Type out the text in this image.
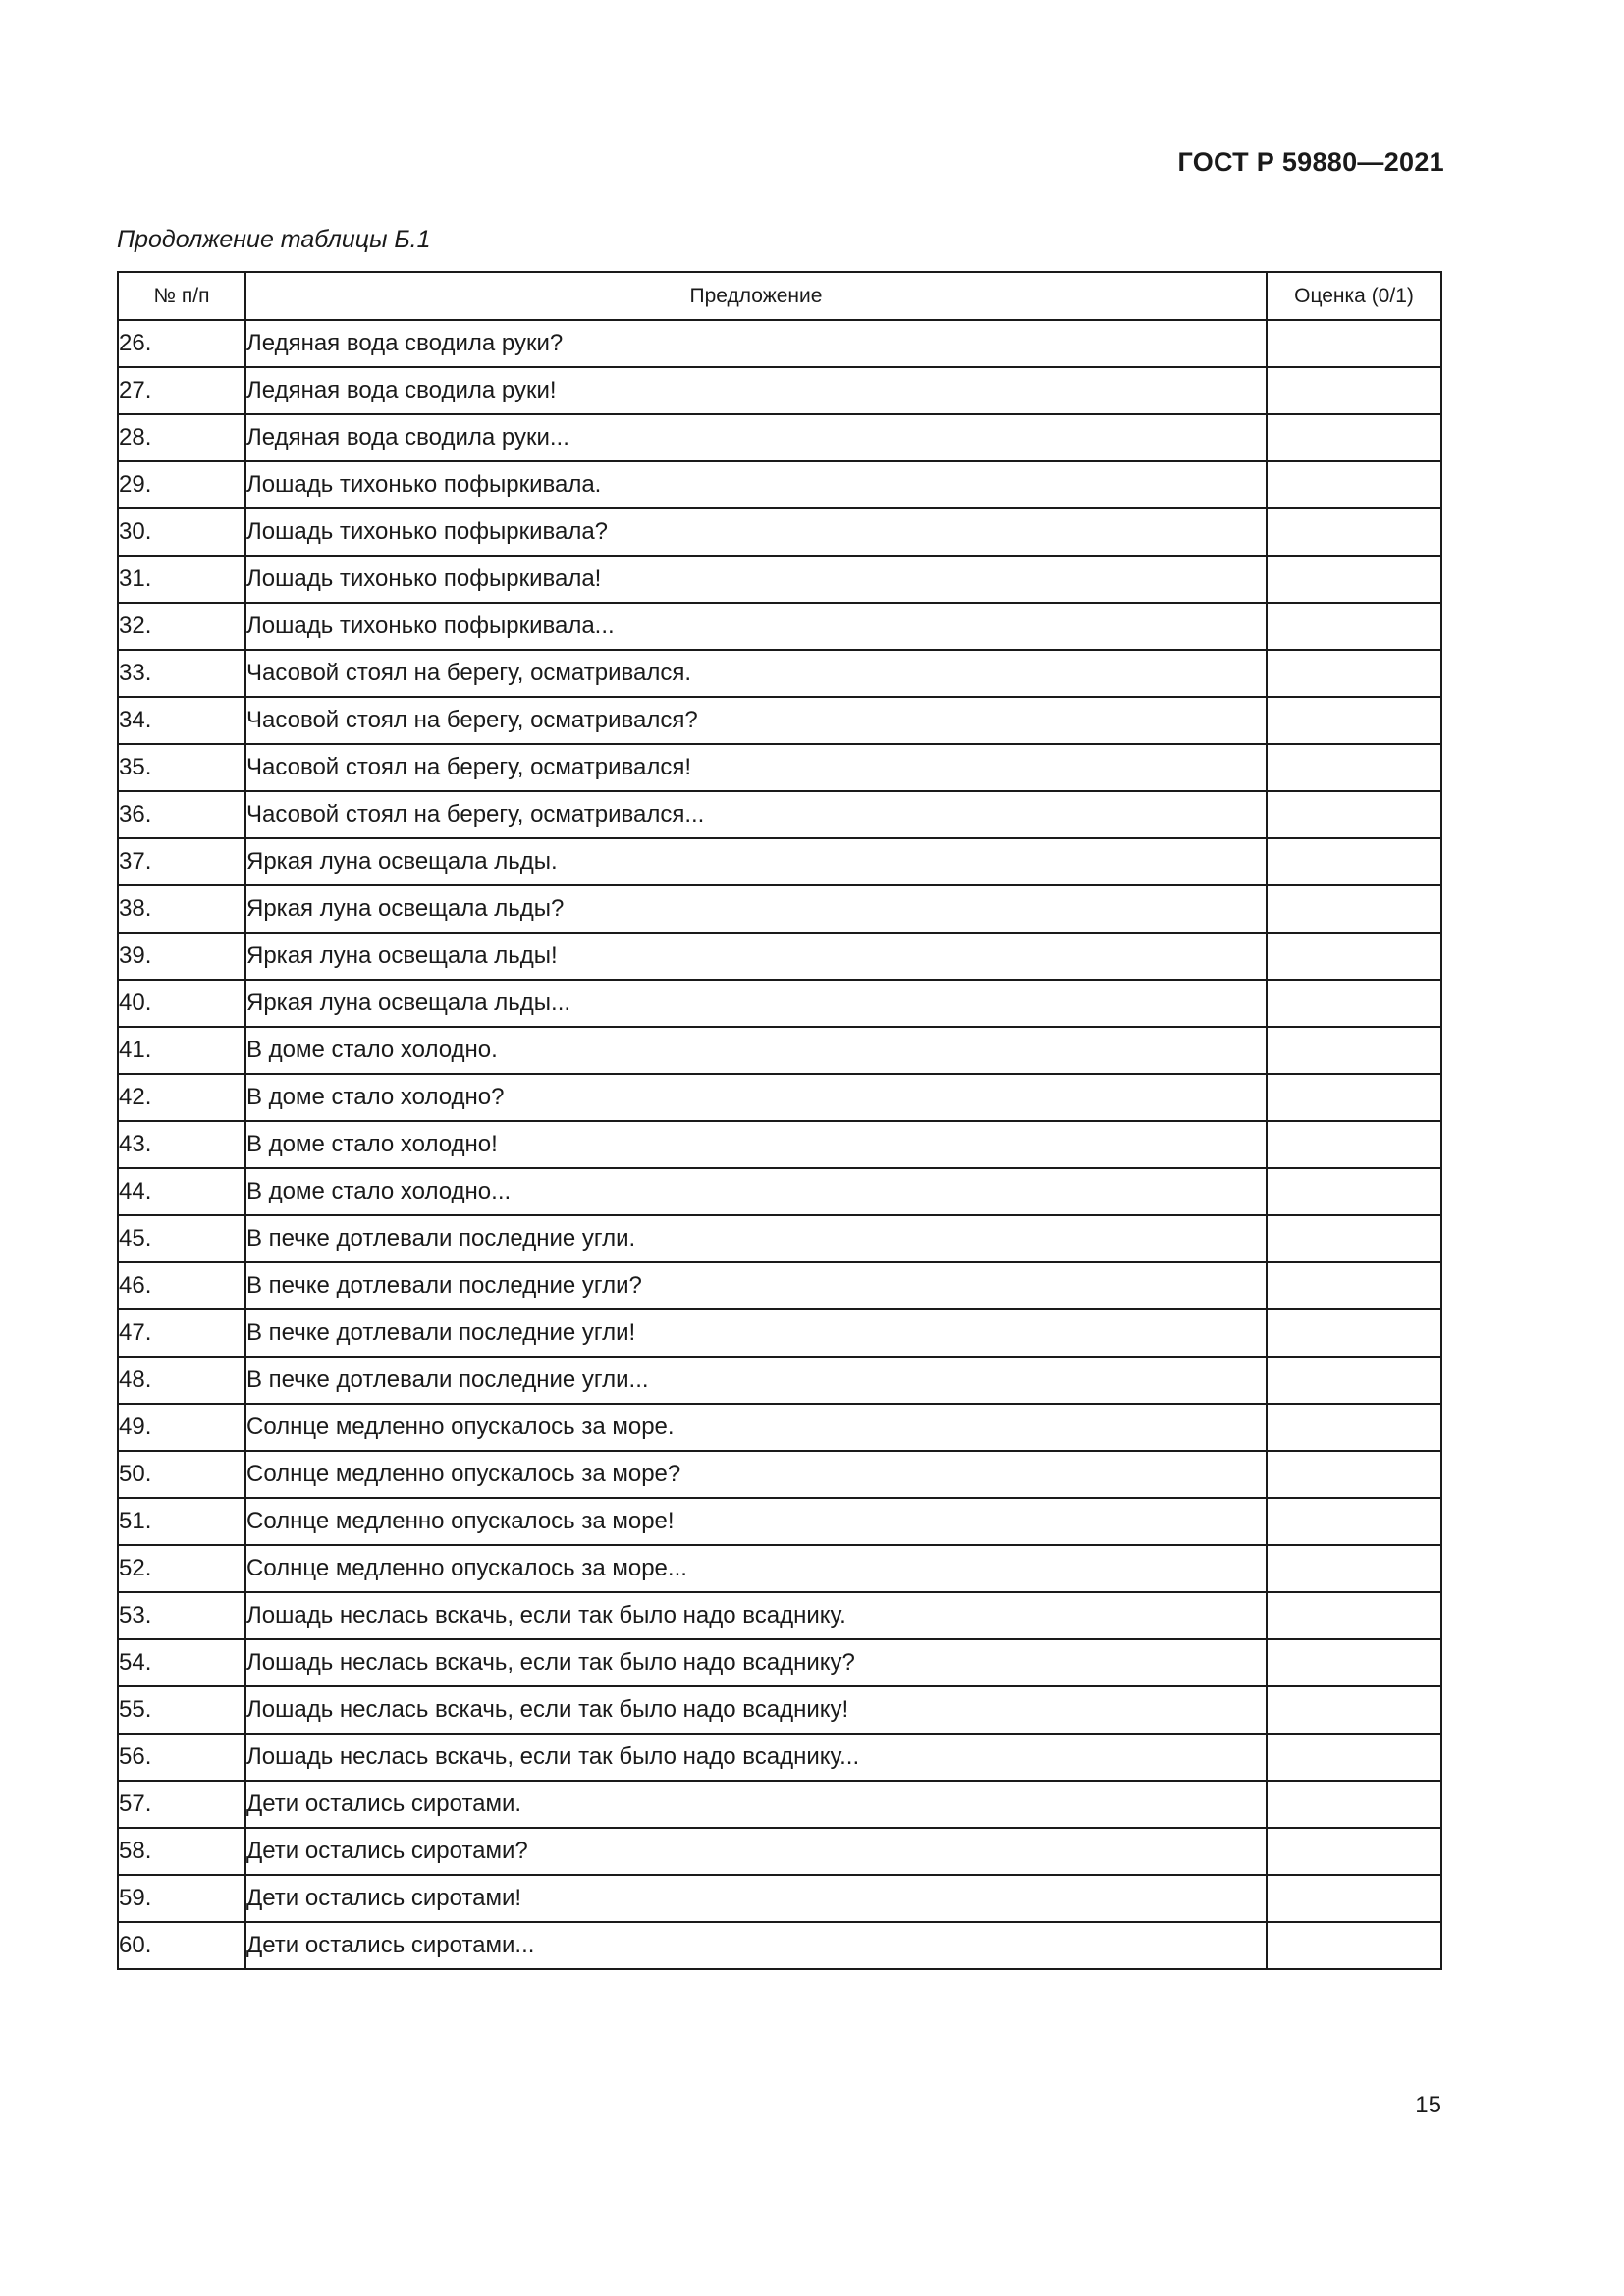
ГОСТ Р 59880—2021
Продолжение таблицы Б.1
№ п/п	Предложение	Оценка (0/1)
26.	Ледяная вода сводила руки?	
27.	Ледяная вода сводила руки!	
28.	Ледяная вода сводила руки...	
29.	Лошадь тихонько пофыркивала.	
30.	Лошадь тихонько пофыркивала?	
31.	Лошадь тихонько пофыркивала!	
32.	Лошадь тихонько пофыркивала...	
33.	Часовой стоял на берегу, осматривался.	
34.	Часовой стоял на берегу, осматривался?	
35.	Часовой стоял на берегу, осматривался!	
36.	Часовой стоял на берегу, осматривался...	
37.	Яркая луна освещала льды.	
38.	Яркая луна освещала льды?	
39.	Яркая луна освещала льды!	
40.	Яркая луна освещала льды...	
41.	В доме стало холодно.	
42.	В доме стало холодно?	
43.	В доме стало холодно!	
44.	В доме стало холодно...	
45.	В печке дотлевали последние угли.	
46.	В печке дотлевали последние угли?	
47.	В печке дотлевали последние угли!	
48.	В печке дотлевали последние угли...	
49.	Солнце медленно опускалось за море.	
50.	Солнце медленно опускалось за море?	
51.	Солнце медленно опускалось за море!	
52.	Солнце медленно опускалось за море...	
53.	Лошадь неслась вскачь, если так было надо всаднику.	
54.	Лошадь неслась вскачь, если так было надо всаднику?	
55.	Лошадь неслась вскачь, если так было надо всаднику!	
56.	Лошадь неслась вскачь, если так было надо всаднику...	
57.	Дети остались сиротами.	
58.	Дети остались сиротами?	
59.	Дети остались сиротами!	
60.	Дети остались сиротами...	
15
